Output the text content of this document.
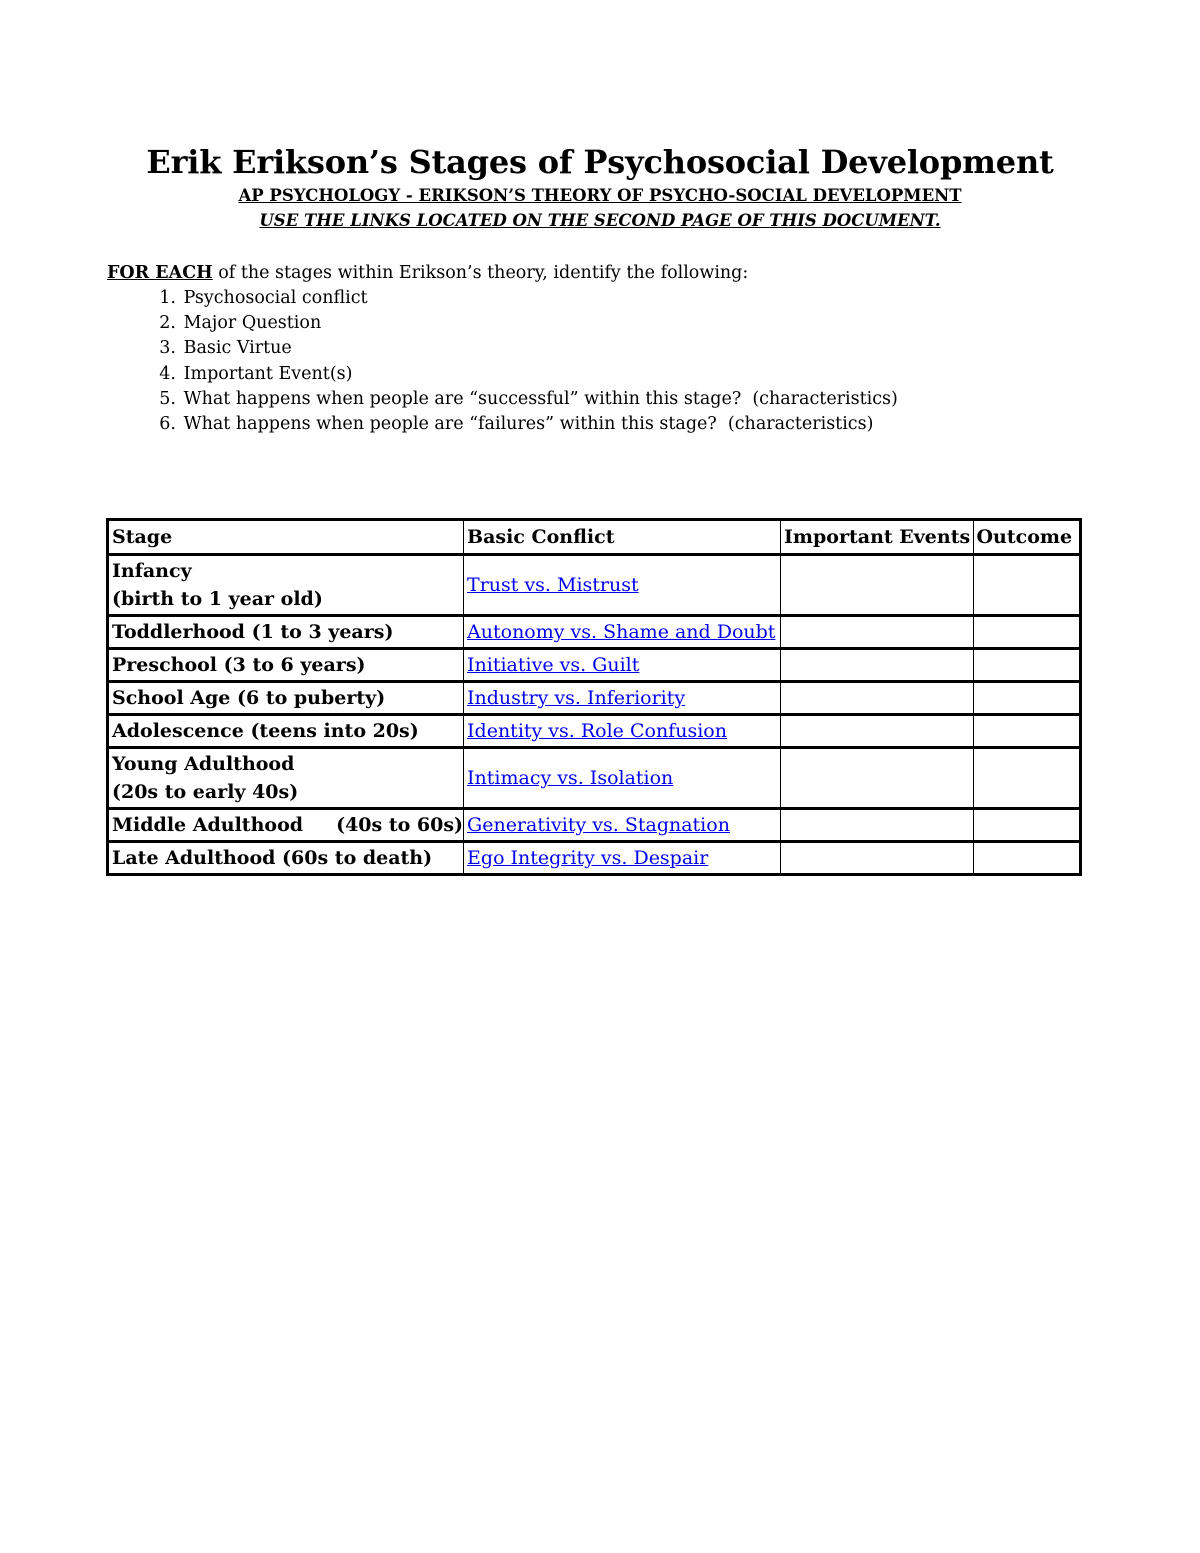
Erik Erikson’s Stages of Psychosocial Development
AP PSYCHOLOGY - ERIKSON’S THEORY OF PSYCHO-SOCIAL DEVELOPMENT
USE THE LINKS LOCATED ON THE SECOND PAGE OF THIS DOCUMENT.
FOR EACH of the stages within Erikson’s theory, identify the following:
1. Psychosocial conflict
2. Major Question
3. Basic Virtue
4. Important Event(s)
5. What happens when people are “successful” within this stage?  (characteristics)
6. What happens when people are “failures” within this stage?  (characteristics)
Stage	Basic Conflict	Important Events	Outcome

Infancy
(birth to 1 year old)	Trust vs. Mistrust		
Toddlerhood (1 to 3 years)	Autonomy vs. Shame and Doubt		
Preschool (3 to 6 years)	Initiative vs. Guilt		
School Age (6 to puberty)	Industry vs. Inferiority		
Adolescence (teens into 20s)	Identity vs. Role Confusion		

Young Adulthood
(20s to early 40s)	Intimacy vs. Isolation		
Middle Adulthood     (40s to 60s)	Generativity vs. Stagnation		
Late Adulthood (60s to death)	Ego Integrity vs. Despair		
